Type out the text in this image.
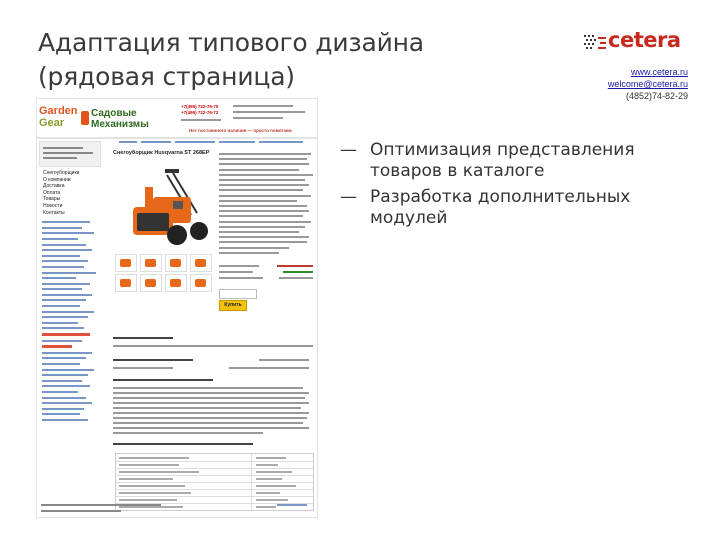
Адаптация типового дизайна
(рядовая страница)
cetera
www.cetera.ru
welcome@cetera.ru
(4852)74-82-29
— Оптимизация представления товаров в каталоге
— Разработка дополнительных модулей
Garden
Gear
Садовые
Механизмы
+7(495) 722-76-70
+7(495) 722-76-72
Нет постоянного наличия — просто помогаем
Снегоуборщики
О компании
Доставка
Оплата
Товары
Новости
Контакты
Снегоуборщик Husqvarna ST 268EP
Купить
